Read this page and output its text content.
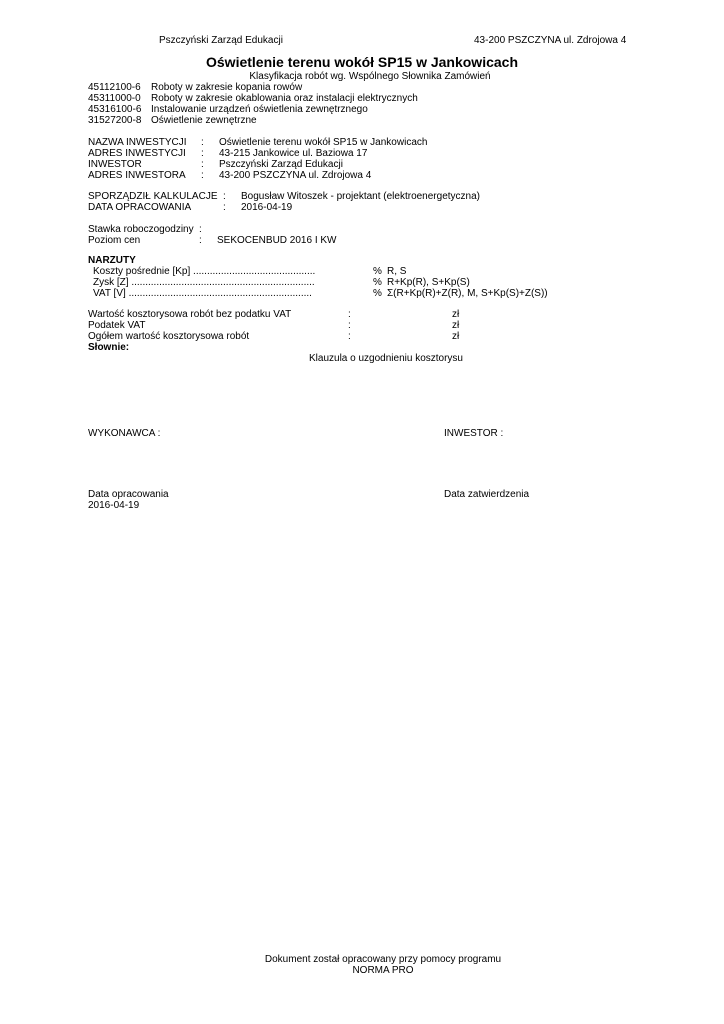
Pszczyński Zarząd Edukacji	43-200 PSZCZYNA ul. Zdrojowa 4
Oświetlenie terenu wokół SP15 w Jankowicach
Klasyfikacja robót wg. Wspólnego Słownika Zamówień
45112100-6 Roboty w zakresie kopania rowów
45311000-0 Roboty w zakresie okablowania oraz instalacji elektrycznych
45316100-6 Instalowanie urządzeń oświetlenia zewnętrznego
31527200-8 Oświetlenie zewnętrzne
NAZWA INWESTYCJI : Oświetlenie terenu wokół SP15 w Jankowicach
ADRES INWESTYCJI : 43-215 Jankowice ul. Baziowa 17
INWESTOR	: Pszczyński Zarząd Edukacji
ADRES INWESTORA : 43-200 PSZCZYNA ul. Zdrojowa 4
SPORZĄDZIŁ KALKULACJE : Bogusław Witoszek - projektant (elektroenergetyczna)
DATA OPRACOWANIA	: 2016-04-19
Stawka roboczogodziny :
Poziom cen	: SEKOCENBUD 2016 I KW
NARZUTY
Koszty pośrednie [Kp] ............................................	% R, S
Zysk [Z] ..................................................................	% R+Kp(R), S+Kp(S)
VAT [V] ..................................................................	% Σ(R+Kp(R)+Z(R), M, S+Kp(S)+Z(S))
Wartość kosztorysowa robót bez podatku VAT	:	zł
Podatek VAT	:	zł
Ogółem wartość kosztorysowa robót	:	zł
Słownie:
Klauzula o uzgodnieniu kosztorysu
WYKONAWCA :	INWESTOR :
Data opracowania
2016-04-19
Data zatwierdzenia
Dokument został opracowany przy pomocy programu
NORMA PRO
